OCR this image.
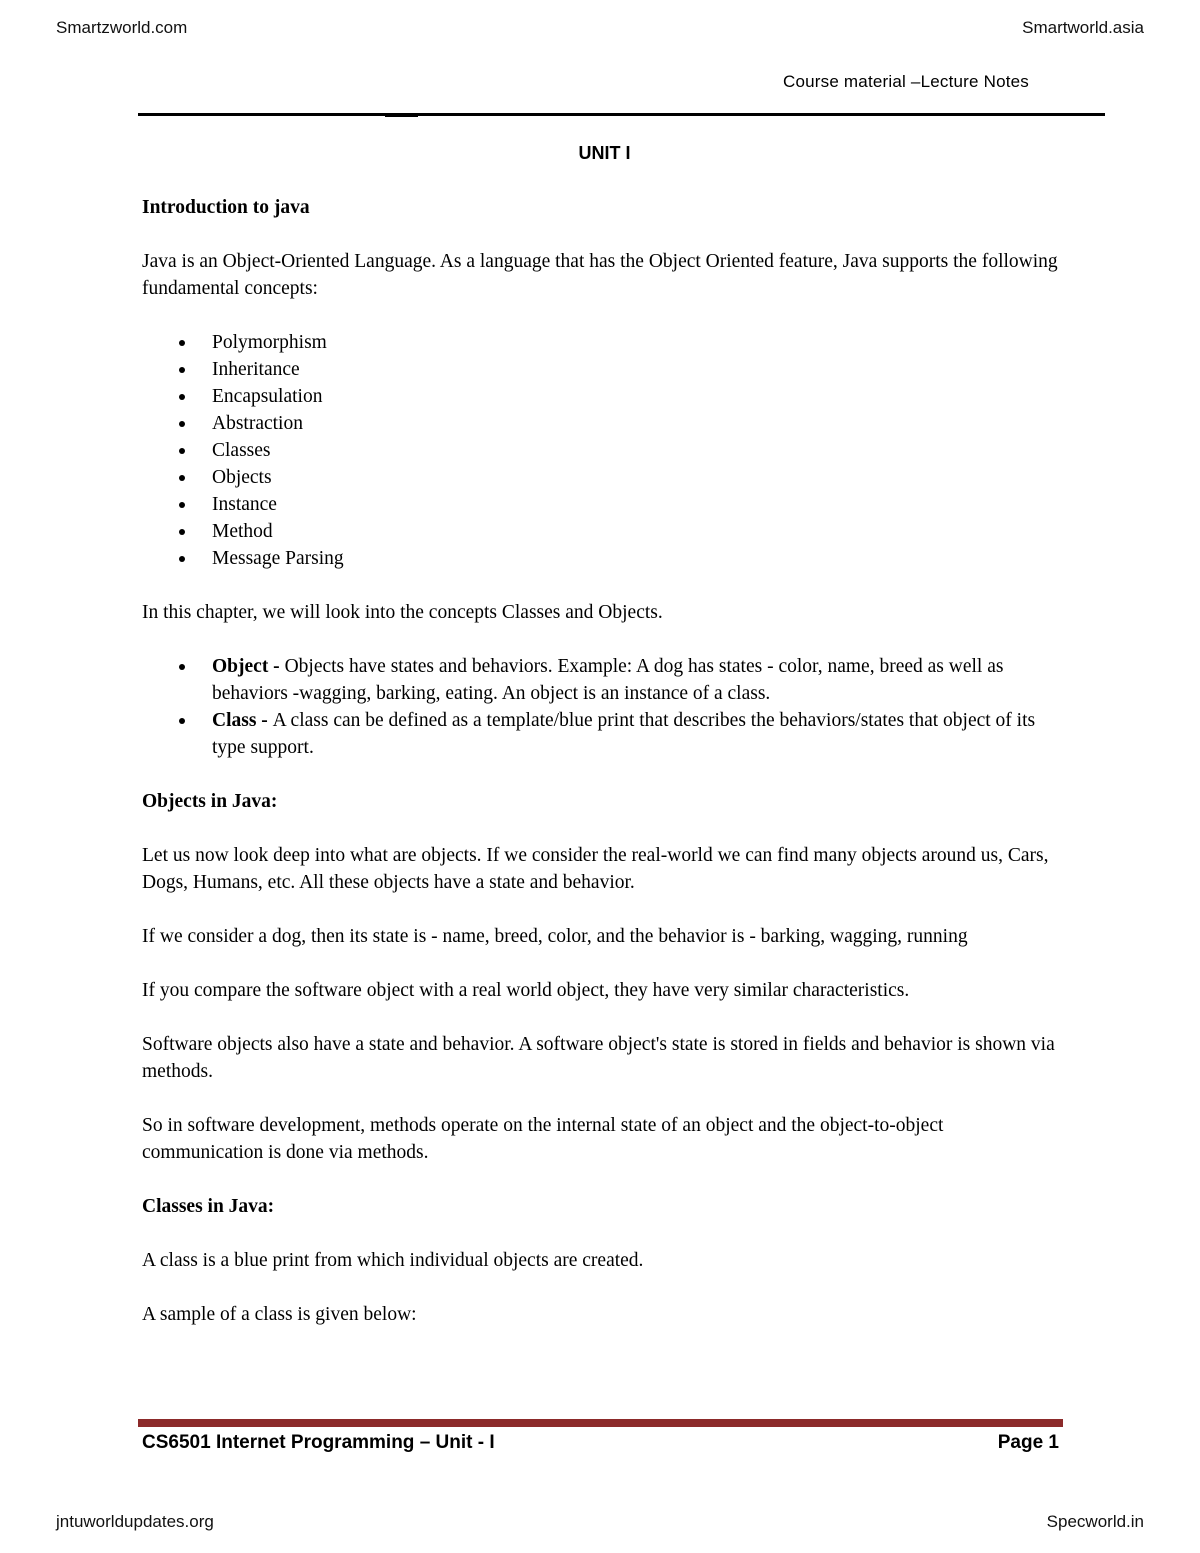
Smartzworld.com	Smartworld.asia
Course material –Lecture Notes
UNIT I
Introduction to java

Java is an Object-Oriented Language. As a language that has the Object Oriented feature, Java supports the following fundamental concepts:

Polymorphism
Inheritance
Encapsulation
Abstraction
Classes
Objects
Instance
Method
Message Parsing

In this chapter, we will look into the concepts Classes and Objects.

Object - Objects have states and behaviors. Example: A dog has states - color, name, breed as well as behaviors -wagging, barking, eating. An object is an instance of a class.
Class - A class can be defined as a template/blue print that describes the behaviors/states that object of its type support.
Objects in Java:

Let us now look deep into what are objects. If we consider the real-world we can find many objects around us, Cars, Dogs, Humans, etc. All these objects have a state and behavior.

If we consider a dog, then its state is - name, breed, color, and the behavior is - barking, wagging, running

If you compare the software object with a real world object, they have very similar characteristics.

Software objects also have a state and behavior. A software object's state is stored in fields and behavior is shown via methods.

So in software development, methods operate on the internal state of an object and the object-to-object communication is done via methods.

Classes in Java:

A class is a blue print from which individual objects are created.

A sample of a class is given below:

CS6501 Internet Programming – Unit - I	Page 1
jntuworldupdates.org	Specworld.in
